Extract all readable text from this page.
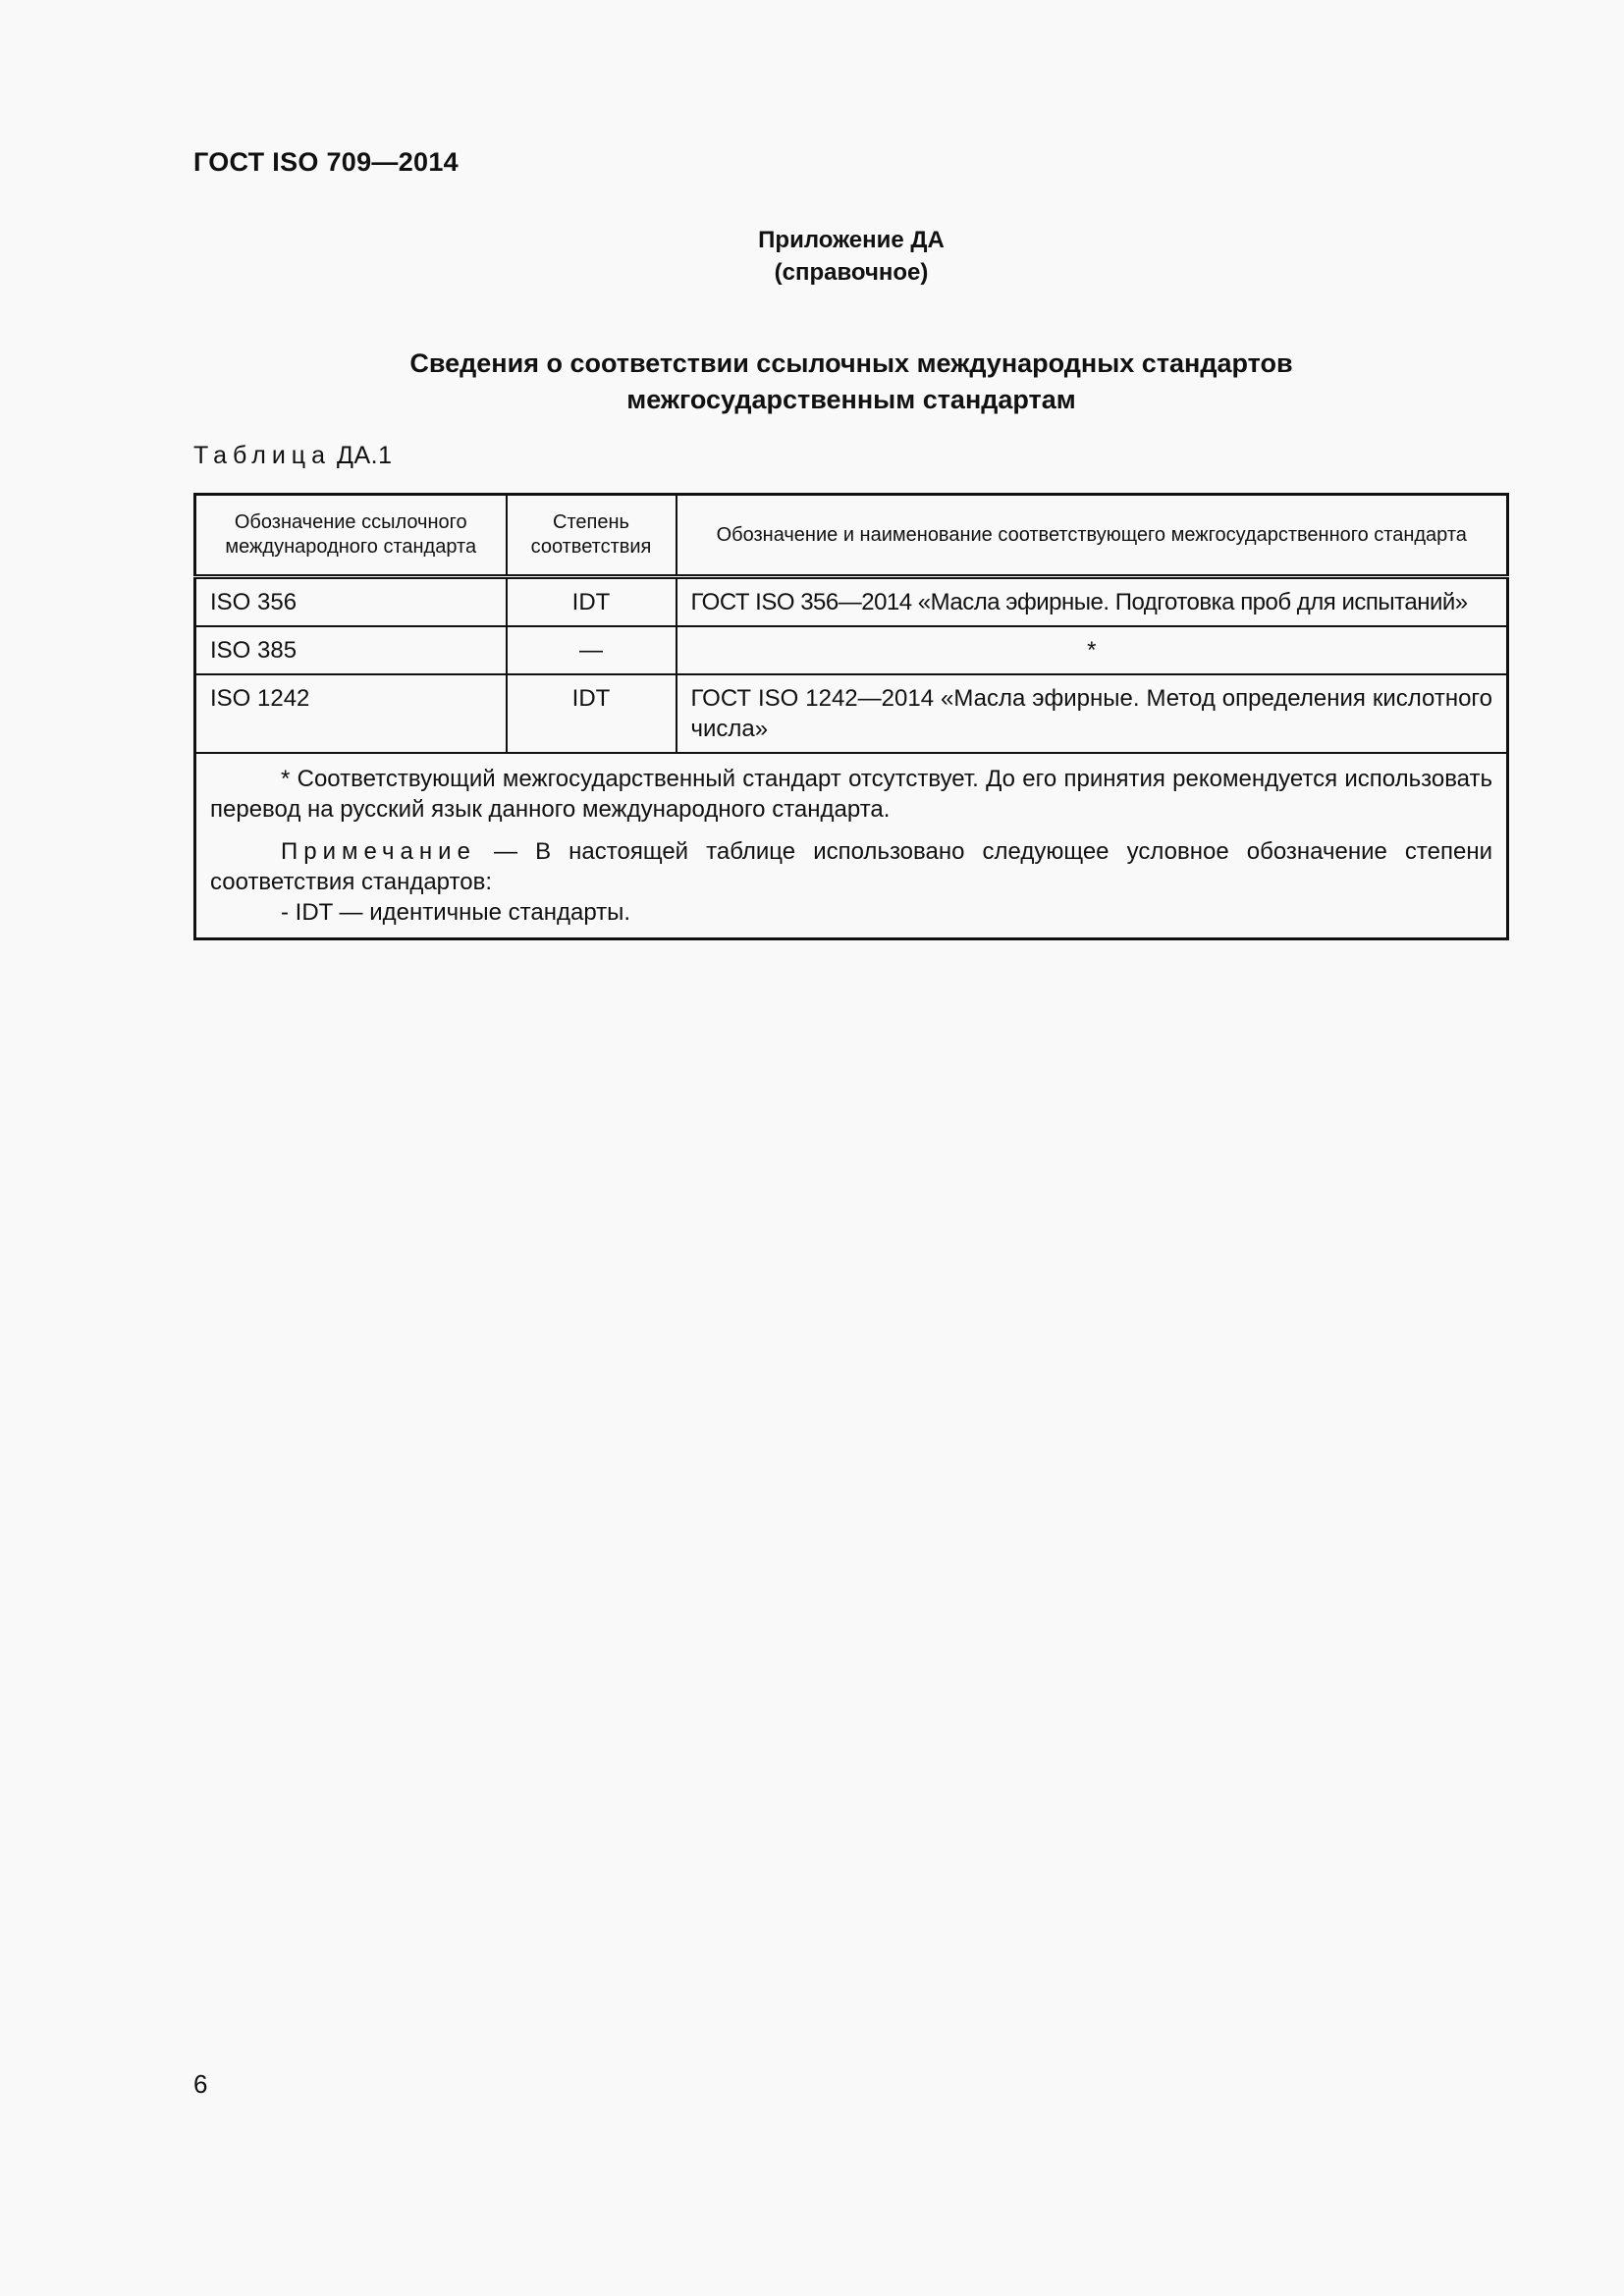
ГОСТ ISO 709—2014
Приложение ДА
(справочное)
Сведения о соответствии ссылочных международных стандартов
межгосударственным стандартам
Таблица ДА.1
Обозначение ссылочного международного стандарта	Степень соответствия	Обозначение и наименование соответствующего межгосударственного стандарта
ISO 356	IDT	ГОСТ ISO 356—2014 «Масла эфирные. Подготовка проб для испытаний»
ISO 385	—	*
ISO 1242	IDT	ГОСТ ISO 1242—2014 «Масла эфирные. Метод определения кислотного числа»

* Соответствующий межгосударственный стандарт отсутствует. До его принятия рекомендуется использовать перевод на русский язык данного международного стандарта.

Примечание — В настоящей таблице использовано следующее условное обозначение степени соответствия стандартов:
- IDT — идентичные стандарты.		

6
